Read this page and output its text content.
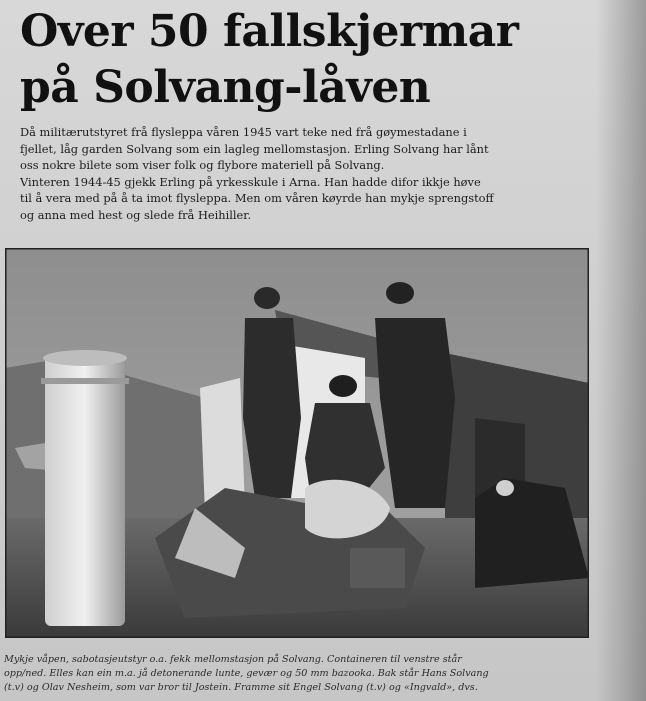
Over 50 fallskjermar
på Solvang-låven

Då militærutstyret frå flysleppa våren 1945 vart teke ned frå gøymestadane i

fjellet, låg garden Solvang som ein lagleg mellomstasjon. Erling Solvang har lånt

oss nokre bilete som viser folk og flybore materiell på Solvang.

Vinteren 1944-45 gjekk Erling på yrkesskule i Arna. Han hadde difor ikkje høve

til å vera med på å ta imot flysleppa. Men om våren køyrde han mykje sprengstoff

og anna med hest og slede frå Heihiller.

Mykje våpen, sabotasjeutstyr o.a. fekk mellomstasjon på Solvang. Containeren til venstre står

opp/ned. Elles kan ein m.a. jå detonerande lunte, gevær og 50 mm bazooka. Bak står Hans Solvang

(t.v) og Olav Nesheim, som var bror til Jostein. Framme sit Engel Solvang (t.v) og «Ingvald», dvs.
